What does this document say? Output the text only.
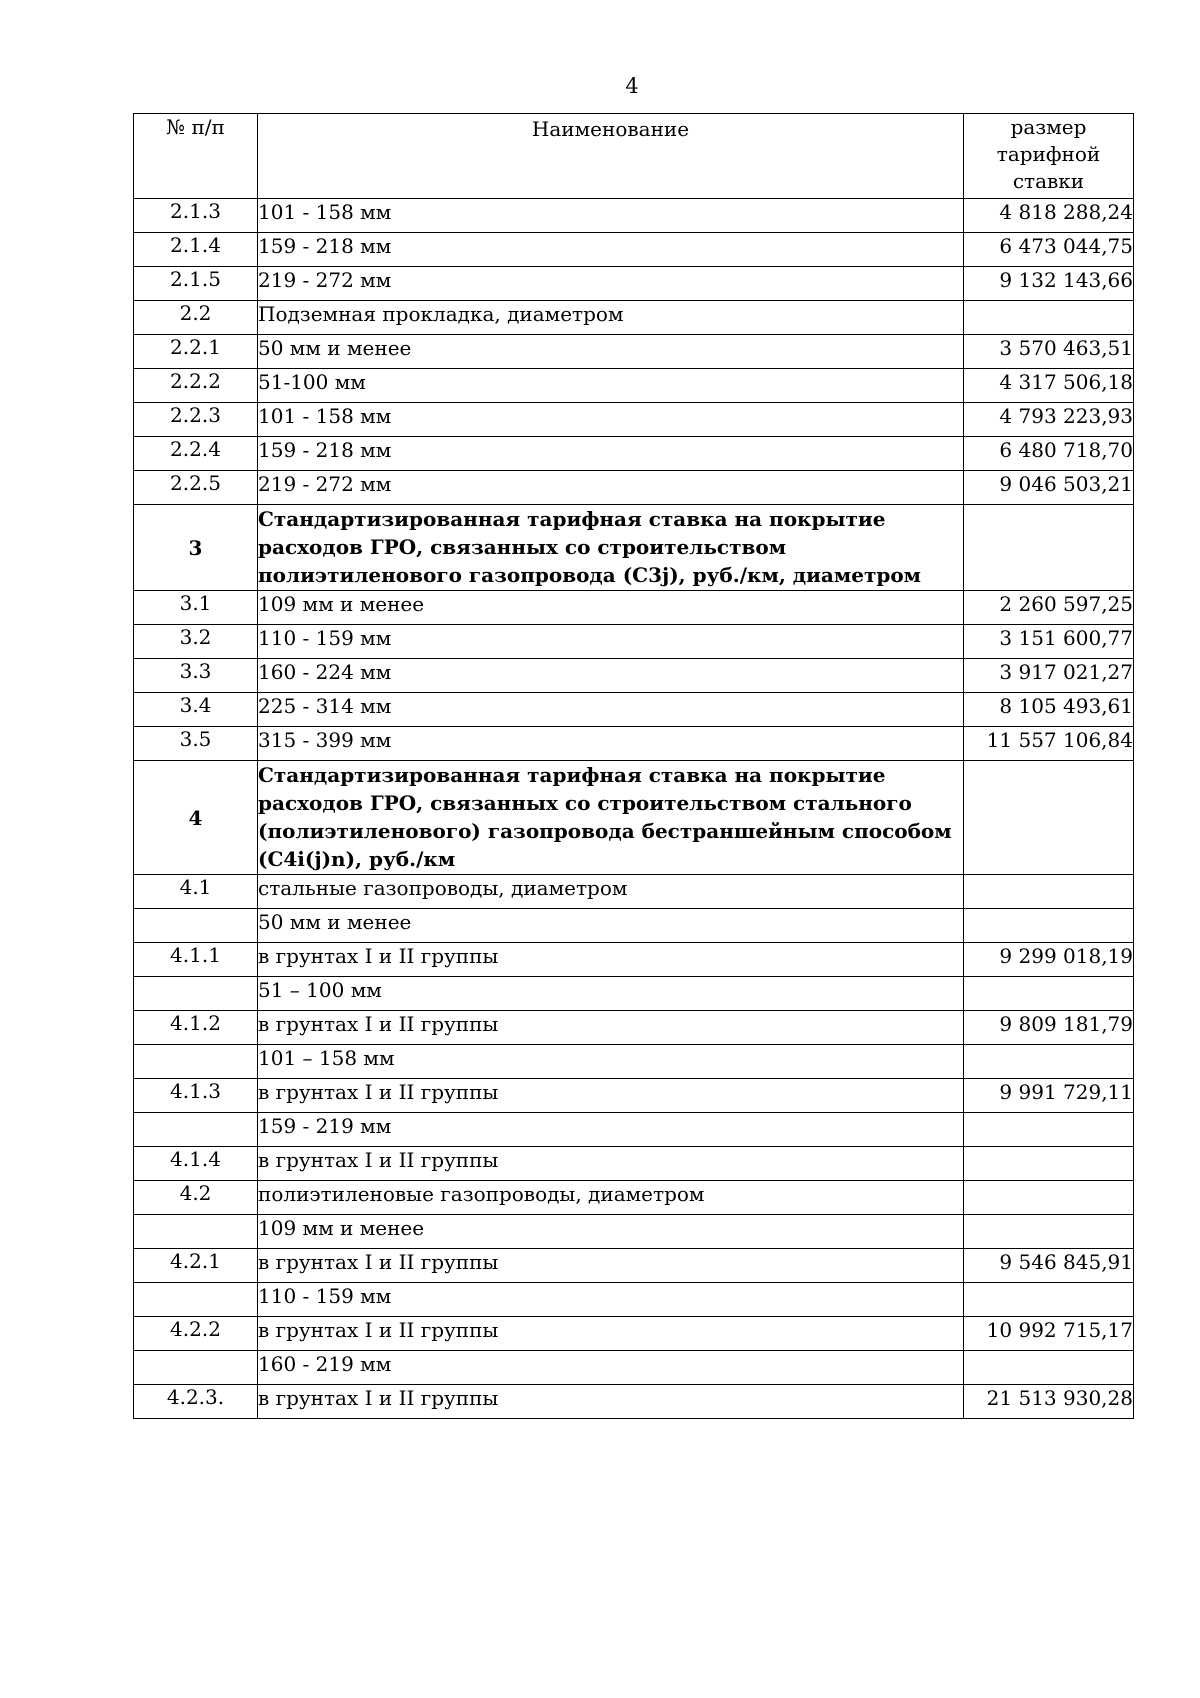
4
№ п/п	Наименование	размер тарифной ставки
2.1.3	101 - 158 мм	4 818 288,24
2.1.4	159 - 218 мм	6 473 044,75
2.1.5	219 - 272 мм	9 132 143,66
2.2	Подземная прокладка, диаметром	
2.2.1	50 мм и менее	3 570 463,51
2.2.2	51-100 мм	4 317 506,18
2.2.3	101 - 158 мм	4 793 223,93
2.2.4	159 - 218 мм	6 480 718,70
2.2.5	219 - 272 мм	9 046 503,21
3	Стандартизированная тарифная ставка на покрытие расходов ГРО, связанных со строительством полиэтиленового газопровода (С3j), руб./км, диаметром	
3.1	109 мм и менее	2 260 597,25
3.2	110 - 159 мм	3 151 600,77
3.3	160 - 224 мм	3 917 021,27
3.4	225 - 314 мм	8 105 493,61
3.5	315 - 399 мм	11 557 106,84
4	Стандартизированная тарифная ставка на покрытие расходов ГРО, связанных со строительством стального (полиэтиленового) газопровода бестраншейным способом (С4i(j)n), руб./км	
4.1	стальные газопроводы, диаметром	
	50 мм и менее	
4.1.1	в грунтах I и II группы	9 299 018,19
	51 – 100 мм	
4.1.2	в грунтах I и II группы	9 809 181,79
	101 – 158 мм	
4.1.3	в грунтах I и II группы	9 991 729,11
	159 - 219 мм	
4.1.4	в грунтах I и II группы	
4.2	полиэтиленовые газопроводы, диаметром	
	109 мм и менее	
4.2.1	в грунтах I и II группы	9 546 845,91
	110 - 159 мм	
4.2.2	в грунтах I и II группы	10 992 715,17
	160 - 219 мм	
4.2.3.	в грунтах I и II группы	21 513 930,28
